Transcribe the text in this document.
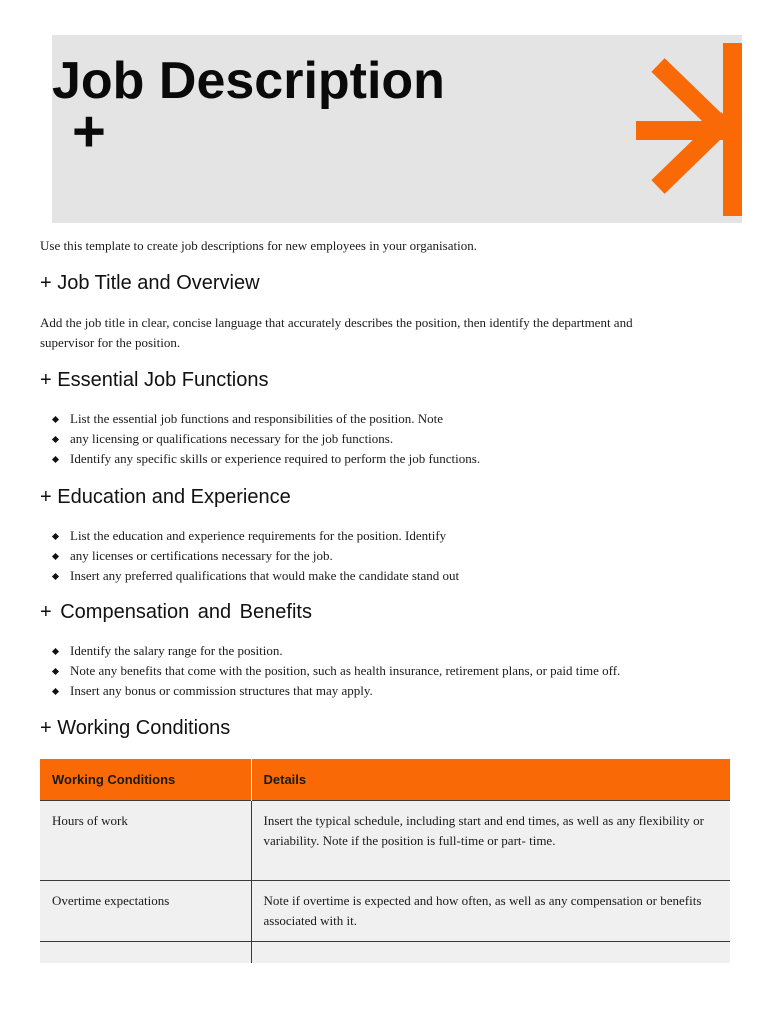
Job Description
+

Use this template to create job descriptions for new employees in your organisation.

+ Job Title and Overview

Add the job title in clear, concise language that accurately describes the position, then identify the department and supervisor for the position.

+ Essential Job Functions
List the essential job functions and responsibilities of the position. Note
any licensing or qualifications necessary for the job functions.
Identify any specific skills or experience required to perform the job functions.
+ Education and Experience
List the education and experience requirements for the position. Identify
any licenses or certifications necessary for the job.
Insert any preferred qualifications that would make the candidate stand out
+ Compensation and Benefits
Identify the salary range for the position.
Note any benefits that come with the position, such as health insurance, retirement plans, or paid time off.
Insert any bonus or commission structures that may apply.
+ Working Conditions
Working Conditions	Details
Hours of work	Insert the typical schedule, including start and end times, as well as any flexibility or variability. Note if the position is full-time or part- time.
Overtime expectations	Note if overtime is expected and how often, as well as any compensation or benefits associated with it.
